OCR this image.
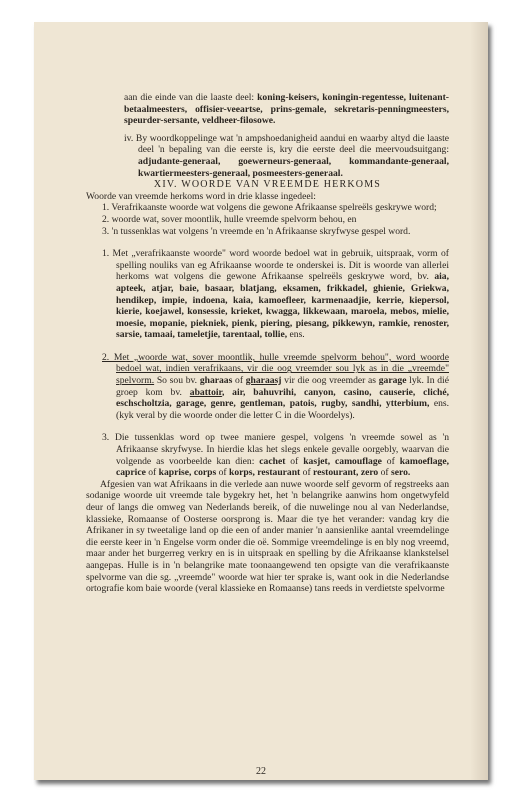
aan die einde van die laaste deel: koning-keisers, koningin-regentesse, luitenant-betaalmeesters, offisier-veeartse, prins-gemale, sekretaris-penningmeesters, speurder-sersante, veldheer-filosowe.

iv. By woordkoppelinge wat 'n ampshoedanigheid aandui en waarby altyd die laaste deel 'n bepaling van die eerste is, kry die eerste deel die meervoudsuitgang: adjudante-generaal, goewerneurs-generaal, kommandante-generaal, kwartiermeesters-generaal, posmeesters-generaal.

XIV. WOORDE VAN VREEMDE HERKOMS

Woorde van vreemde herkoms word in drie klasse ingedeel:

1. Verafrikaanste woorde wat volgens die gewone Afrikaanse spelreëls geskrywe word;

2. woorde wat, sover moontlik, hulle vreemde spelvorm behou, en

3. 'n tussenklas wat volgens 'n vreemde en 'n Afrikaanse skryfwyse gespel word.

1. Met „verafrikaanste woorde" word woorde bedoel wat in gebruik, uitspraak, vorm of spelling nouliks van eg Afrikaanse woorde te onderskei is. Dit is woorde van allerlei herkoms wat volgens die gewone Afrikaanse spelreëls geskrywe word, bv. aia, apteek, atjar, baie, basaar, blatjang, eksamen, frikkadel, ghienie, Griekwa, hendikep, impie, indoena, kaia, kamoefleer, karmenaadjie, kerrie, kiepersol, kierie, koejawel, konsessie, krieket, kwagga, likkewaan, maroela, mebos, mielie, moesie, mopanie, piekniek, pienk, piering, piesang, pikkewyn, ramkie, renoster, sarsie, tamaai, tameletjie, tarentaal, tollie, ens.

2. Met „woorde wat, sover moontlik, hulle vreemde spelvorm behou", word woorde bedoel wat, indien verafrikaans, vir die oog vreemder sou lyk as in die „vreemde" spelvorm. So sou bv. gharaas of gharaasj vir die oog vreemder as garage lyk. In dié groep kom bv. abattoir, air, bahuvrihi, canyon, casino, causerie, cliché, eschscholtzia, garage, genre, gentleman, patois, rugby, sandhi, ytterbium, ens. (kyk veral by die woorde onder die letter C in die Woordelys).

3. Die tussenklas word op twee maniere gespel, volgens 'n vreemde sowel as 'n Afrikaanse skryfwyse. In hierdie klas het slegs enkele gevalle oorgebly, waarvan die volgende as voorbeelde kan dien: cachet of kasjet, camouflage of kamoeflage, caprice of kaprise, corps of korps, restaurant of restourant, zero of sero.

Afgesien van wat Afrikaans in die verlede aan nuwe woorde self gevorm of regstreeks aan sodanige woorde uit vreemde tale bygekry het, het 'n belangrike aanwins hom ongetwyfeld deur of langs die omweg van Nederlands bereik, of die nuwelinge nou al van Nederlandse, klassieke, Romaanse of Oosterse oorsprong is. Maar die tye het verander: vandag kry die Afrikaner in sy tweetalige land op die een of ander manier 'n aansienlike aantal vreemdelinge die eerste keer in 'n Engelse vorm onder die oë. Sommige vreemdelinge is en bly nog vreemd, maar ander het burgerreg verkry en is in uitspraak en spelling by die Afrikaanse klankstelsel aangepas. Hulle is in 'n belangrike mate toonaangewend ten opsigte van die verafrikaanste spelvorme van die sg. „vreemde" woorde wat hier ter sprake is, want ook in die Nederlandse ortografie kom baie woorde (veral klassieke en Romaanse) tans reeds in verdietste spelvorme

22
